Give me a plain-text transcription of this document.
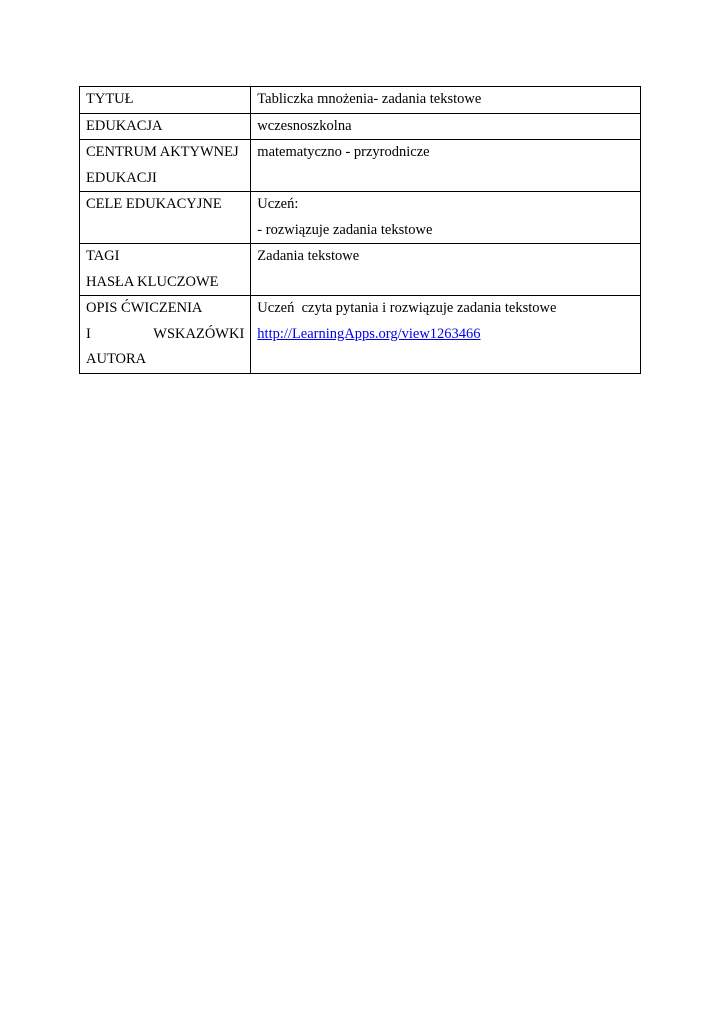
TYTUŁ	Tabliczka mnożenia- zadania tekstowe

EDUKACJA	wczesnoszkolna

CENTRUM AKTYWNEJ
EDUKACJI	matematyczno - przyrodnicze

CELE EDUKACYJNE	Uczeń:
- rozwiązuje zadania tekstowe

TAGI
HASŁA KLUCZOWE	Zadania tekstowe

OPIS ĆWICZENIA
I WSKAZÓWKI
AUTORA	Uczeń  czyta pytania i rozwiązuje zadania tekstowe
http://LearningApps.org/view1263466
